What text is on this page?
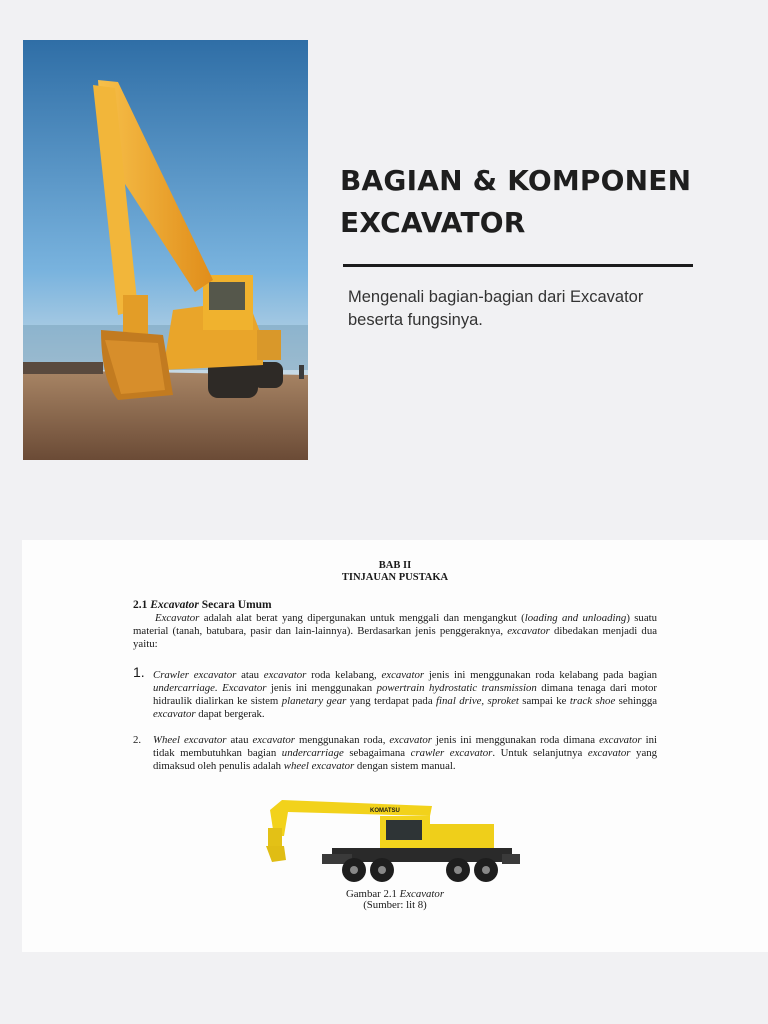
BAGIAN & KOMPONEN
EXCAVATOR

Mengenali bagian-bagian dari Excavator
beserta fungsinya.

BAB II
TINJAUAN PUSTAKA
2.1 Excavator Secara Umum

Excavator adalah alat berat yang dipergunakan untuk menggali dan mengangkut (loading and unloading) suatu material (tanah, batubara, pasir dan lain-lainnya). Berdasarkan jenis penggeraknya, excavator dibedakan menjadi dua yaitu:

1. Crawler excavator atau excavator roda kelabang, excavator jenis ini menggunakan roda kelabang pada bagian undercarriage. Excavator jenis ini menggunakan powertrain hydrostatic transmission dimana tenaga dari motor hidraulik dialirkan ke sistem planetary gear yang terdapat pada final drive, sproket sampai ke track shoe sehingga excavator dapat bergerak.
2. Wheel excavator atau excavator menggunakan roda, excavator jenis ini menggunakan roda dimana excavator ini tidak membutuhkan bagian undercarriage sebagaimana crawler excavator. Untuk selanjutnya excavator yang dimaksud oleh penulis adalah wheel excavator dengan sistem manual.
KOMATSU
Gambar 2.1 Excavator
(Sumber: lit 8)
